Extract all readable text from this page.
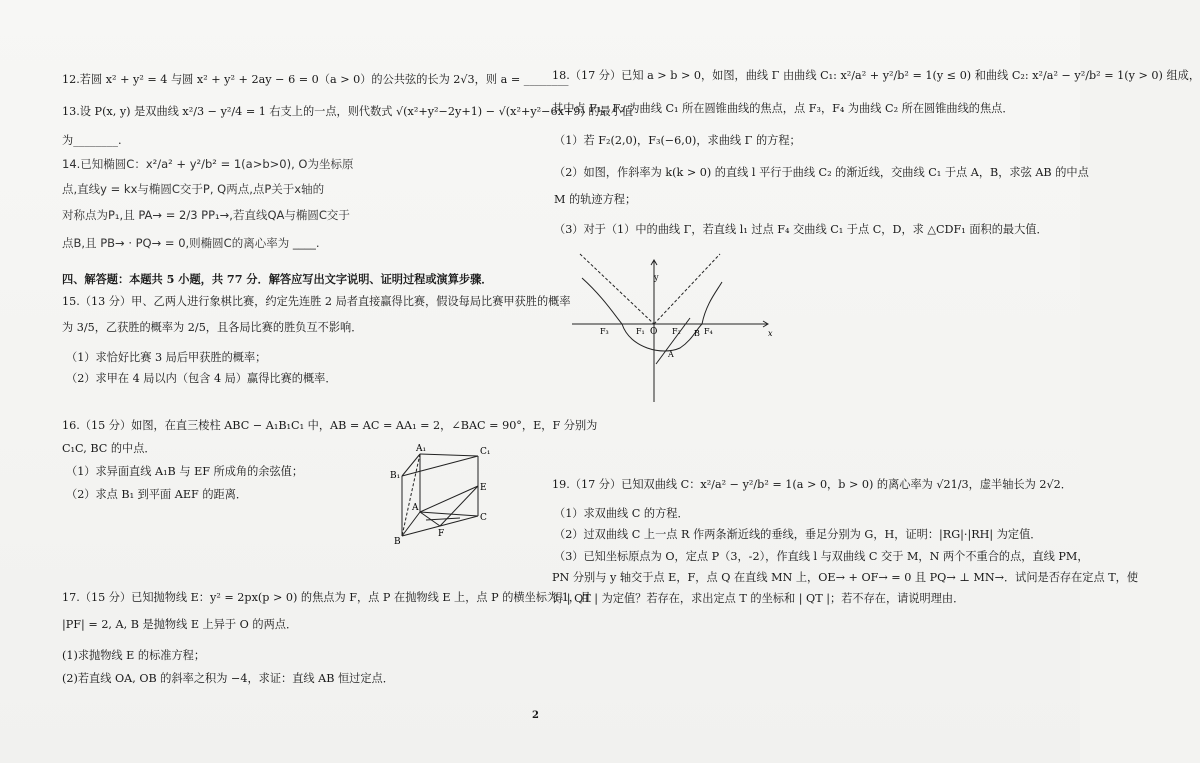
12.若圆 x² + y² = 4 与圆 x² + y² + 2ay − 6 = 0（a > 0）的公共弦的长为 2√3，则 a = ________
13.设 P(x, y) 是双曲线 x²/3 − y²/4 = 1 右支上的一点，则代数式 √(x²+y²−2y+1) − √(x²+y²−6x+9) 的最小值
为________.
14.已知椭圆C：x²/a² + y²/b² = 1(a>b>0), O为坐标原
点,直线y = kx与椭圆C交于P, Q两点,点P关于x轴的
对称点为P₁,且 PA→ = 2/3 PP₁→,若直线QA与椭圆C交于
点B,且 PB→ · PQ→ = 0,则椭圆C的离心率为 ____.
四、解答题：本题共 5 小题，共 77 分．解答应写出文字说明、证明过程或演算步骤．
15.（13 分）甲、乙两人进行象棋比赛，约定先连胜 2 局者直接赢得比赛，假设每局比赛甲获胜的概率
为 3/5，乙获胜的概率为 2/5，且各局比赛的胜负互不影响．
（1）求恰好比赛 3 局后甲获胜的概率；
（2）求甲在 4 局以内（包含 4 局）赢得比赛的概率．
16.（15 分）如图，在直三棱柱 ABC − A₁B₁C₁ 中，AB = AC = AA₁ = 2，∠BAC = 90°，E，F 分别为
C₁C, BC 的中点．
（1）求异面直线 A₁B 与 EF 所成角的余弦值；
（2）求点 B₁ 到平面 AEF 的距离．
A₁	C₁
B₁
A
C
E
F
B
17.（15 分）已知抛物线 E：y² = 2px(p > 0) 的焦点为 F，点 P 在抛物线 E 上，点 P 的横坐标为 1，且
|PF| = 2, A, B 是抛物线 E 上异于 O 的两点．
(1)求抛物线 E 的标准方程；
(2)若直线 OA, OB 的斜率之积为 −4，求证：直线 AB 恒过定点．
18.（17 分）已知 a > b > 0，如图，曲线 Γ 由曲线 C₁: x²/a² + y²/b² = 1(y ≤ 0) 和曲线 C₂: x²/a² − y²/b² = 1(y > 0) 组成，
其中点 F₁，F₂ 为曲线 C₁ 所在圆锥曲线的焦点，点 F₃，F₄ 为曲线 C₂ 所在圆锥曲线的焦点．
（1）若 F₂(2,0)，F₃(−6,0)，求曲线 Γ 的方程；
（2）如图，作斜率为 k(k > 0) 的直线 l 平行于曲线 C₂ 的渐近线，交曲线 C₁ 于点 A，B，求弦 AB 的中点
M 的轨迹方程；
（3）对于（1）中的曲线 Γ，若直线 l₁ 过点 F₄ 交曲线 C₁ 于点 C，D，求 △CDF₁ 面积的最大值．
y
x
O
F₃	F₁	F₂	F₄
B
A
19.（17 分）已知双曲线 C：x²/a² − y²/b² = 1(a > 0，b > 0) 的离心率为 √21/3，虚半轴长为 2√2．
（1）求双曲线 C 的方程．
（2）过双曲线 C 上一点 R 作两条渐近线的垂线，垂足分别为 G，H，证明：|RG|·|RH| 为定值．
（3）已知坐标原点为 O，定点 P（3，-2），作直线 l 与双曲线 C 交于 M，N 两个不重合的点，直线 PM，
PN 分别与 y 轴交于点 E，F，点 Q 在直线 MN 上，OE→ + OF→ = 0 且 PQ→ ⊥ MN→．试问是否存在定点 T，使
得 | QT | 为定值？若存在，求出定点 T 的坐标和 | QT |；若不存在，请说明理由．
2
